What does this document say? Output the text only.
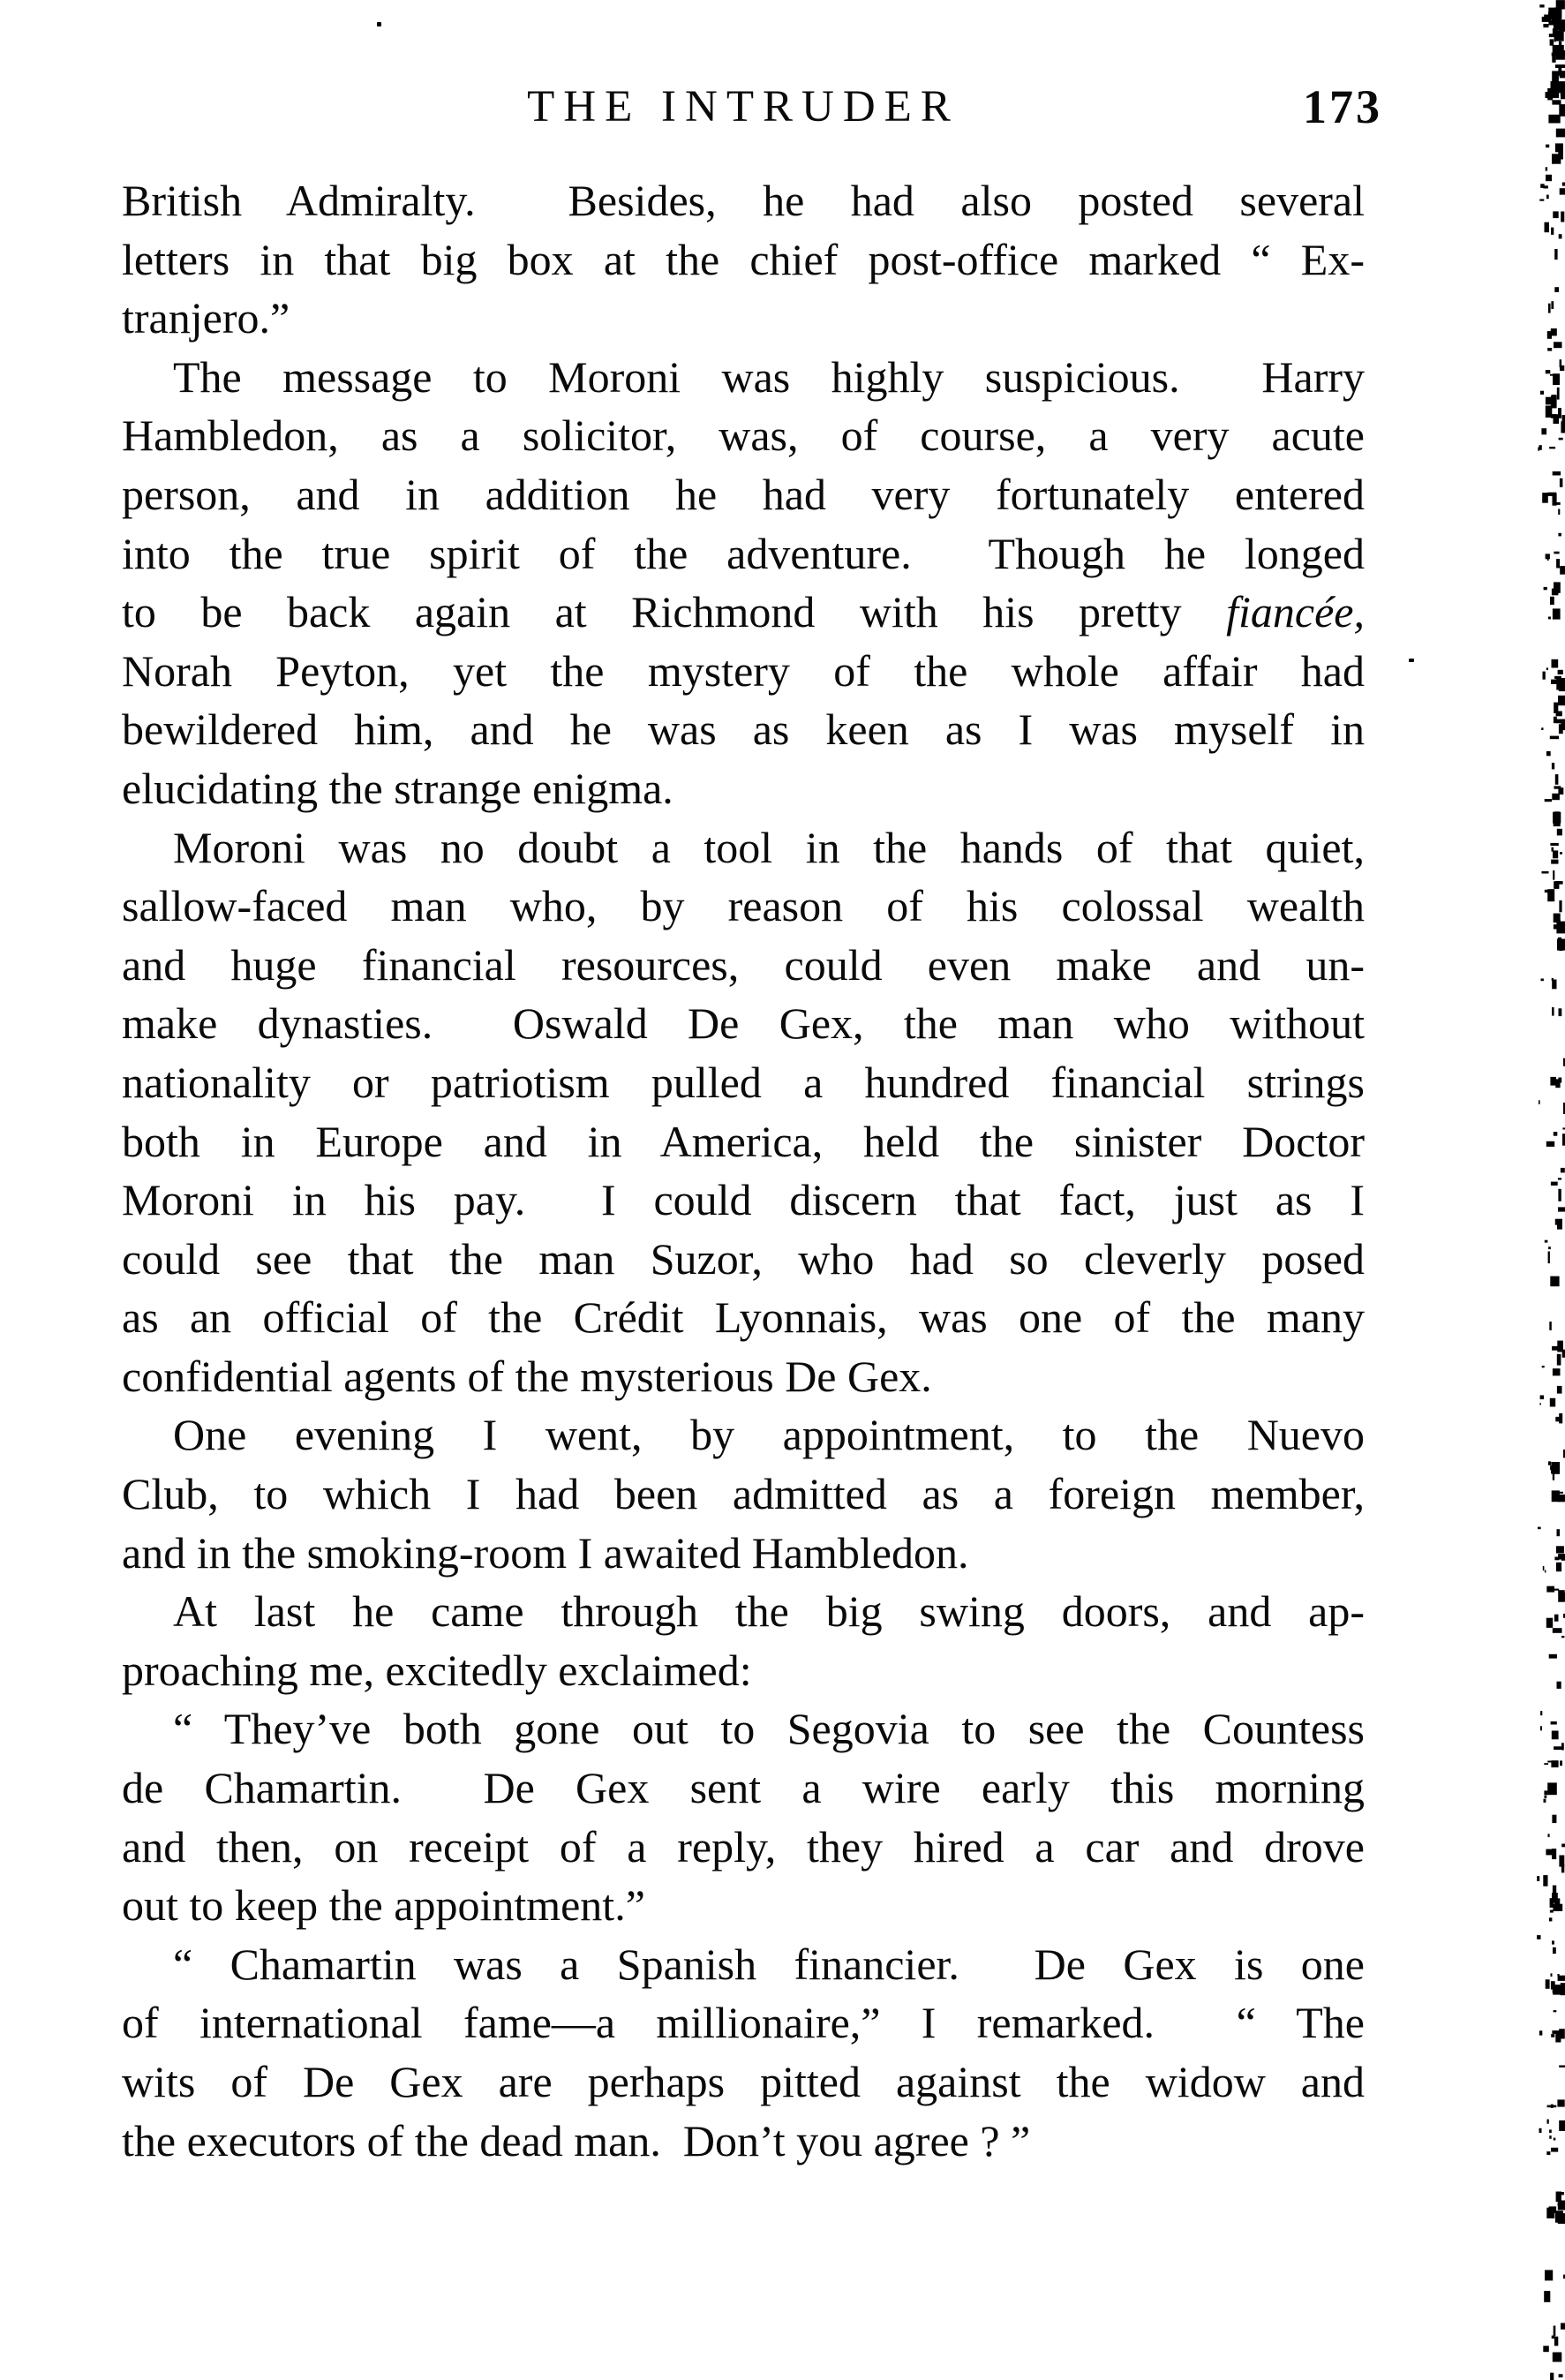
THE INTRUDER	173
British Admiralty.  Besides, he had also posted several
letters in that big box at the chief post-office marked “ Ex-
tranjero.”
The message to Moroni was highly suspicious.  Harry
Hambledon, as a solicitor, was, of course, a very acute
person, and in addition he had very fortunately entered
into the true spirit of the adventure.  Though he longed
to be back again at Richmond with his pretty fiancée,
Norah Peyton, yet the mystery of the whole affair had
bewildered him, and he was as keen as I was myself in
elucidating the strange enigma.
Moroni was no doubt a tool in the hands of that quiet,
sallow-faced man who, by reason of his colossal wealth
and huge financial resources, could even make and un-
make dynasties.  Oswald De Gex, the man who without
nationality or patriotism pulled a hundred financial strings
both in Europe and in America, held the sinister Doctor
Moroni in his pay.  I could discern that fact, just as I
could see that the man Suzor, who had so cleverly posed
as an official of the Crédit Lyonnais, was one of the many
confidential agents of the mysterious De Gex.
One evening I went, by appointment, to the Nuevo
Club, to which I had been admitted as a foreign member,
and in the smoking-room I awaited Hambledon.
At last he came through the big swing doors, and ap-
proaching me, excitedly exclaimed:
“ They’ve both gone out to Segovia to see the Countess
de Chamartin.  De Gex sent a wire early this morning
and then, on receipt of a reply, they hired a car and drove
out to keep the appointment.”
“ Chamartin was a Spanish financier.  De Gex is one
of international fame—a millionaire,” I remarked.  “ The
wits of De Gex are perhaps pitted against the widow and
the executors of the dead man.  Don’t you agree ? ”
